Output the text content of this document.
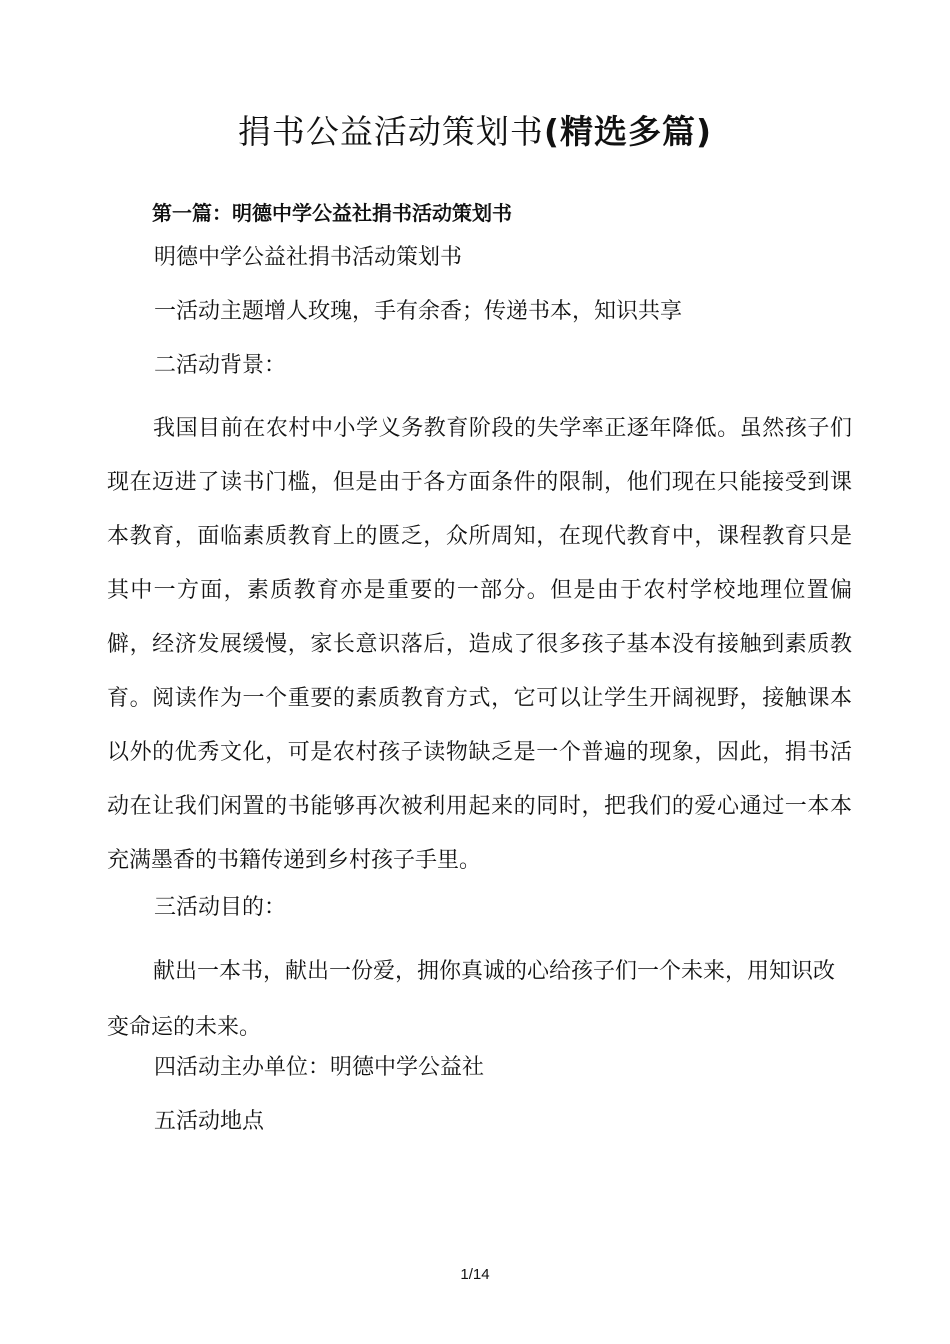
捐书公益活动策划书(精选多篇)
第一篇：明德中学公益社捐书活动策划书
明德中学公益社捐书活动策划书
一活动主题增人玫瑰，手有余香；传递书本，知识共享
二活动背景：
我国目前在农村中小学义务教育阶段的失学率正逐年降低。虽然孩子们现在迈进了读书门槛，但是由于各方面条件的限制，他们现在只能接受到课本教育，面临素质教育上的匮乏，众所周知，在现代教育中，课程教育只是其中一方面，素质教育亦是重要的一部分。但是由于农村学校地理位置偏僻，经济发展缓慢，家长意识落后，造成了很多孩子基本没有接触到素质教育。阅读作为一个重要的素质教育方式，它可以让学生开阔视野，接触课本以外的优秀文化，可是农村孩子读物缺乏是一个普遍的现象，因此，捐书活动在让我们闲置的书能够再次被利用起来的同时，把我们的爱心通过一本本充满墨香的书籍传递到乡村孩子手里。
三活动目的：
献出一本书，献出一份爱，拥你真诚的心给孩子们一个未来，用知识改变命运的未来。
四活动主办单位：明德中学公益社
五活动地点
1/14
